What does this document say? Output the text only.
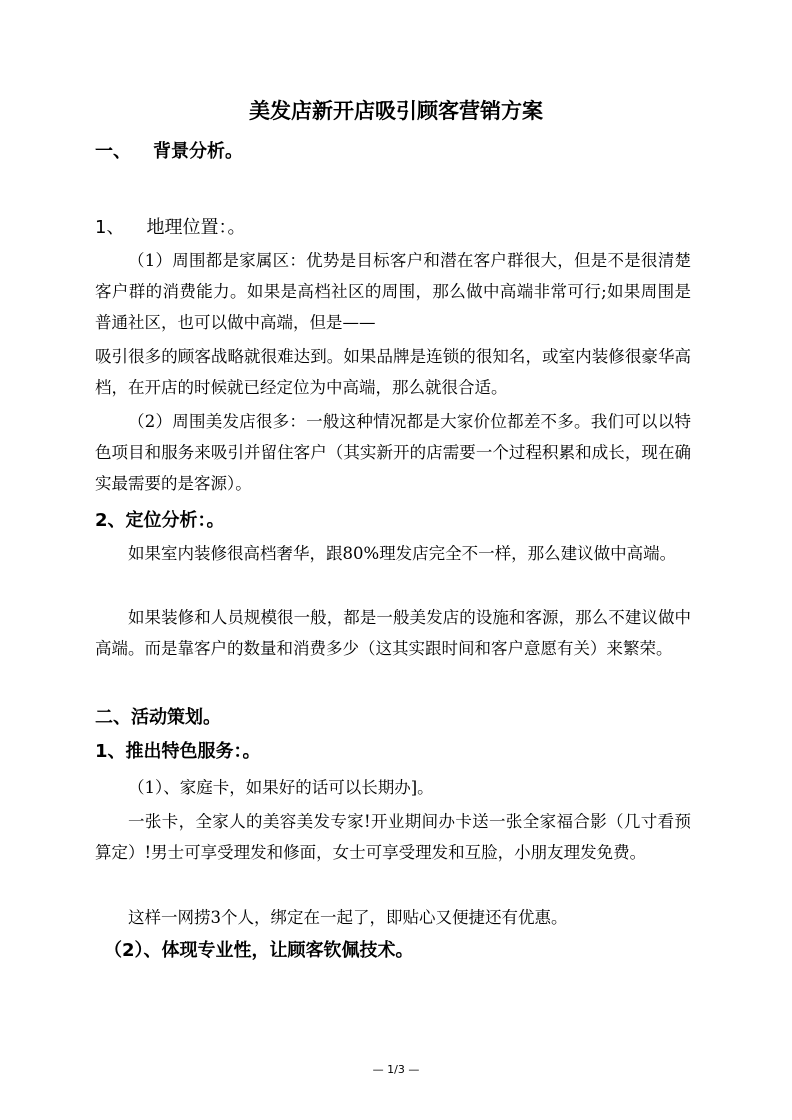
美发店新开店吸引顾客营销方案
一、 背景分析。
1、 地理位置：。

（1）周围都是家属区：优势是目标客户和潜在客户群很大，但是不是很清楚客户群的消费能力。如果是高档社区的周围，那么做中高端非常可行;如果周围是普通社区，也可以做中高端，但是——

吸引很多的顾客战略就很难达到。如果品牌是连锁的很知名，或室内装修很豪华高档，在开店的时候就已经定位为中高端，那么就很合适。

（2）周围美发店很多：一般这种情况都是大家价位都差不多。我们可以以特色项目和服务来吸引并留住客户（其实新开的店需要一个过程积累和成长，现在确实最需要的是客源）。

2、定位分析：。

如果室内装修很高档奢华，跟80%理发店完全不一样，那么建议做中高端。

如果装修和人员规模很一般，都是一般美发店的设施和客源，那么不建议做中高端。而是靠客户的数量和消费多少（这其实跟时间和客户意愿有关）来繁荣。

二、活动策划。
1、推出特色服务：。

（1）、家庭卡，如果好的话可以长期办]。

一张卡，全家人的美容美发专家!开业期间办卡送一张全家福合影（几寸看预算定）!男士可享受理发和修面，女士可享受理发和互脸，小朋友理发免费。

这样一网捞3个人，绑定在一起了，即贴心又便捷还有优惠。

（2）、体现专业性，让顾客钦佩技术。
— 1/3 —
